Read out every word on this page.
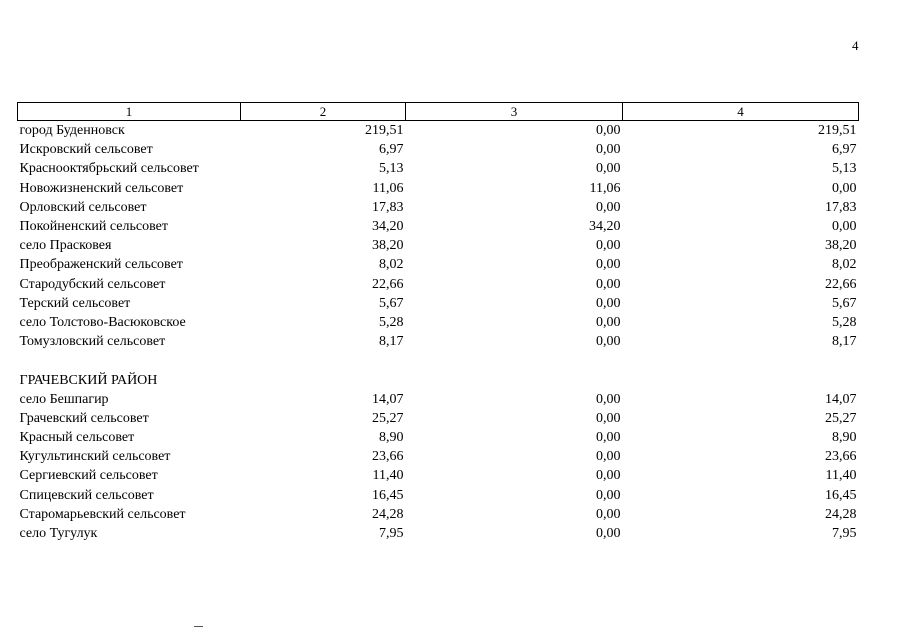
4
1	2	3	4
город Буденновск	219,51	0,00	219,51
Искровский сельсовет	6,97	0,00	6,97
Краснооктябрьский сельсовет	5,13	0,00	5,13
Новожизненский сельсовет	11,06	11,06	0,00
Орловский сельсовет	17,83	0,00	17,83
Покойненский сельсовет	34,20	34,20	0,00
село Прасковея	38,20	0,00	38,20
Преображенский сельсовет	8,02	0,00	8,02
Стародубский сельсовет	22,66	0,00	22,66
Терский сельсовет	5,67	0,00	5,67
село Толстово-Васюковское	5,28	0,00	5,28
Томузловский сельсовет	8,17	0,00	8,17

ГРАЧЕВСКИЙ РАЙОН			
село Бешпагир	14,07	0,00	14,07
Грачевский сельсовет	25,27	0,00	25,27
Красный сельсовет	8,90	0,00	8,90
Кугультинский сельсовет	23,66	0,00	23,66
Сергиевский сельсовет	11,40	0,00	11,40
Спицевский сельсовет	16,45	0,00	16,45
Старомарьевский сельсовет	24,28	0,00	24,28
село Тугулук	7,95	0,00	7,95
